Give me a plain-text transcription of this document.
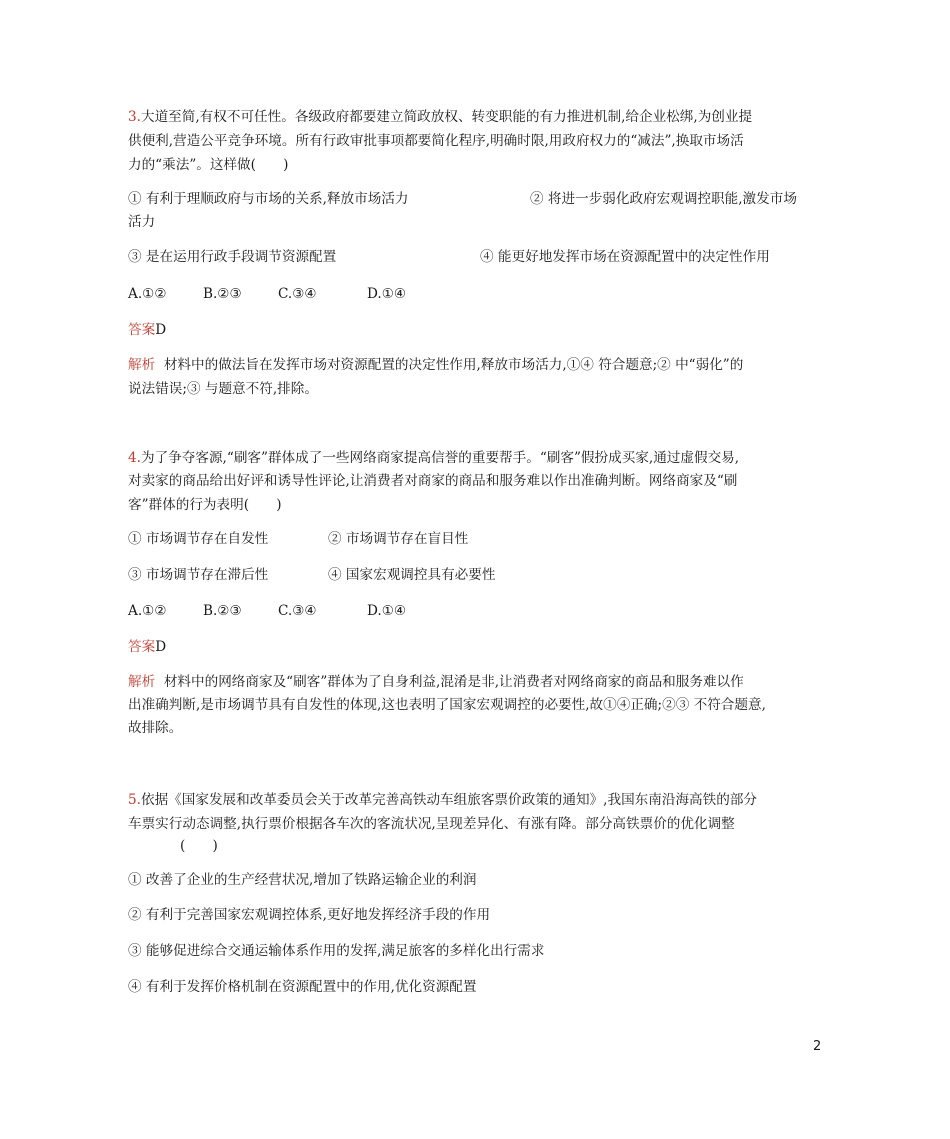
3.大道至简,有权不可任性。各级政府都要建立简政放权、转变职能的有力推进机制,给企业松绑,为创业提
供便利,营造公平竞争环境。所有行政审批事项都要简化程序,明确时限,用政府权力的“减法”,换取市场活
力的“乘法”。这样做(　　)
① 有利于理顺政府与市场的关系,释放市场活力	② 将进一步弱化政府宏观调控职能,激发市场
活力
③ 是在运用行政手段调节资源配置	④ 能更好地发挥市场在资源配置中的决定性作用
A.①②	B.②③	C.③④	D.①④
答案D
解析 材料中的做法旨在发挥市场对资源配置的决定性作用,释放市场活力,①④ 符合题意;② 中“弱化”的
说法错误;③ 与题意不符,排除。
4.为了争夺客源,“刷客”群体成了一些网络商家提高信誉的重要帮手。“刷客”假扮成买家,通过虚假交易,
对卖家的商品给出好评和诱导性评论,让消费者对商家的商品和服务难以作出准确判断。网络商家及“刷
客”群体的行为表明(　　)
① 市场调节存在自发性	② 市场调节存在盲目性
③ 市场调节存在滞后性	④ 国家宏观调控具有必要性
A.①②	B.②③	C.③④	D.①④
答案D
解析 材料中的网络商家及“刷客”群体为了自身利益,混淆是非,让消费者对网络商家的商品和服务难以作
出准确判断,是市场调节具有自发性的体现,这也表明了国家宏观调控的必要性,故①④正确;②③ 不符合题意,
故排除。
5.依据《国家发展和改革委员会关于改革完善高铁动车组旅客票价政策的通知》,我国东南沿海高铁的部分
车票实行动态调整,执行票价根据各车次的客流状况,呈现差异化、有涨有降。部分高铁票价的优化调整
(　　)
① 改善了企业的生产经营状况,增加了铁路运输企业的利润
② 有利于完善国家宏观调控体系,更好地发挥经济手段的作用
③ 能够促进综合交通运输体系作用的发挥,满足旅客的多样化出行需求
④ 有利于发挥价格机制在资源配置中的作用,优化资源配置
2
